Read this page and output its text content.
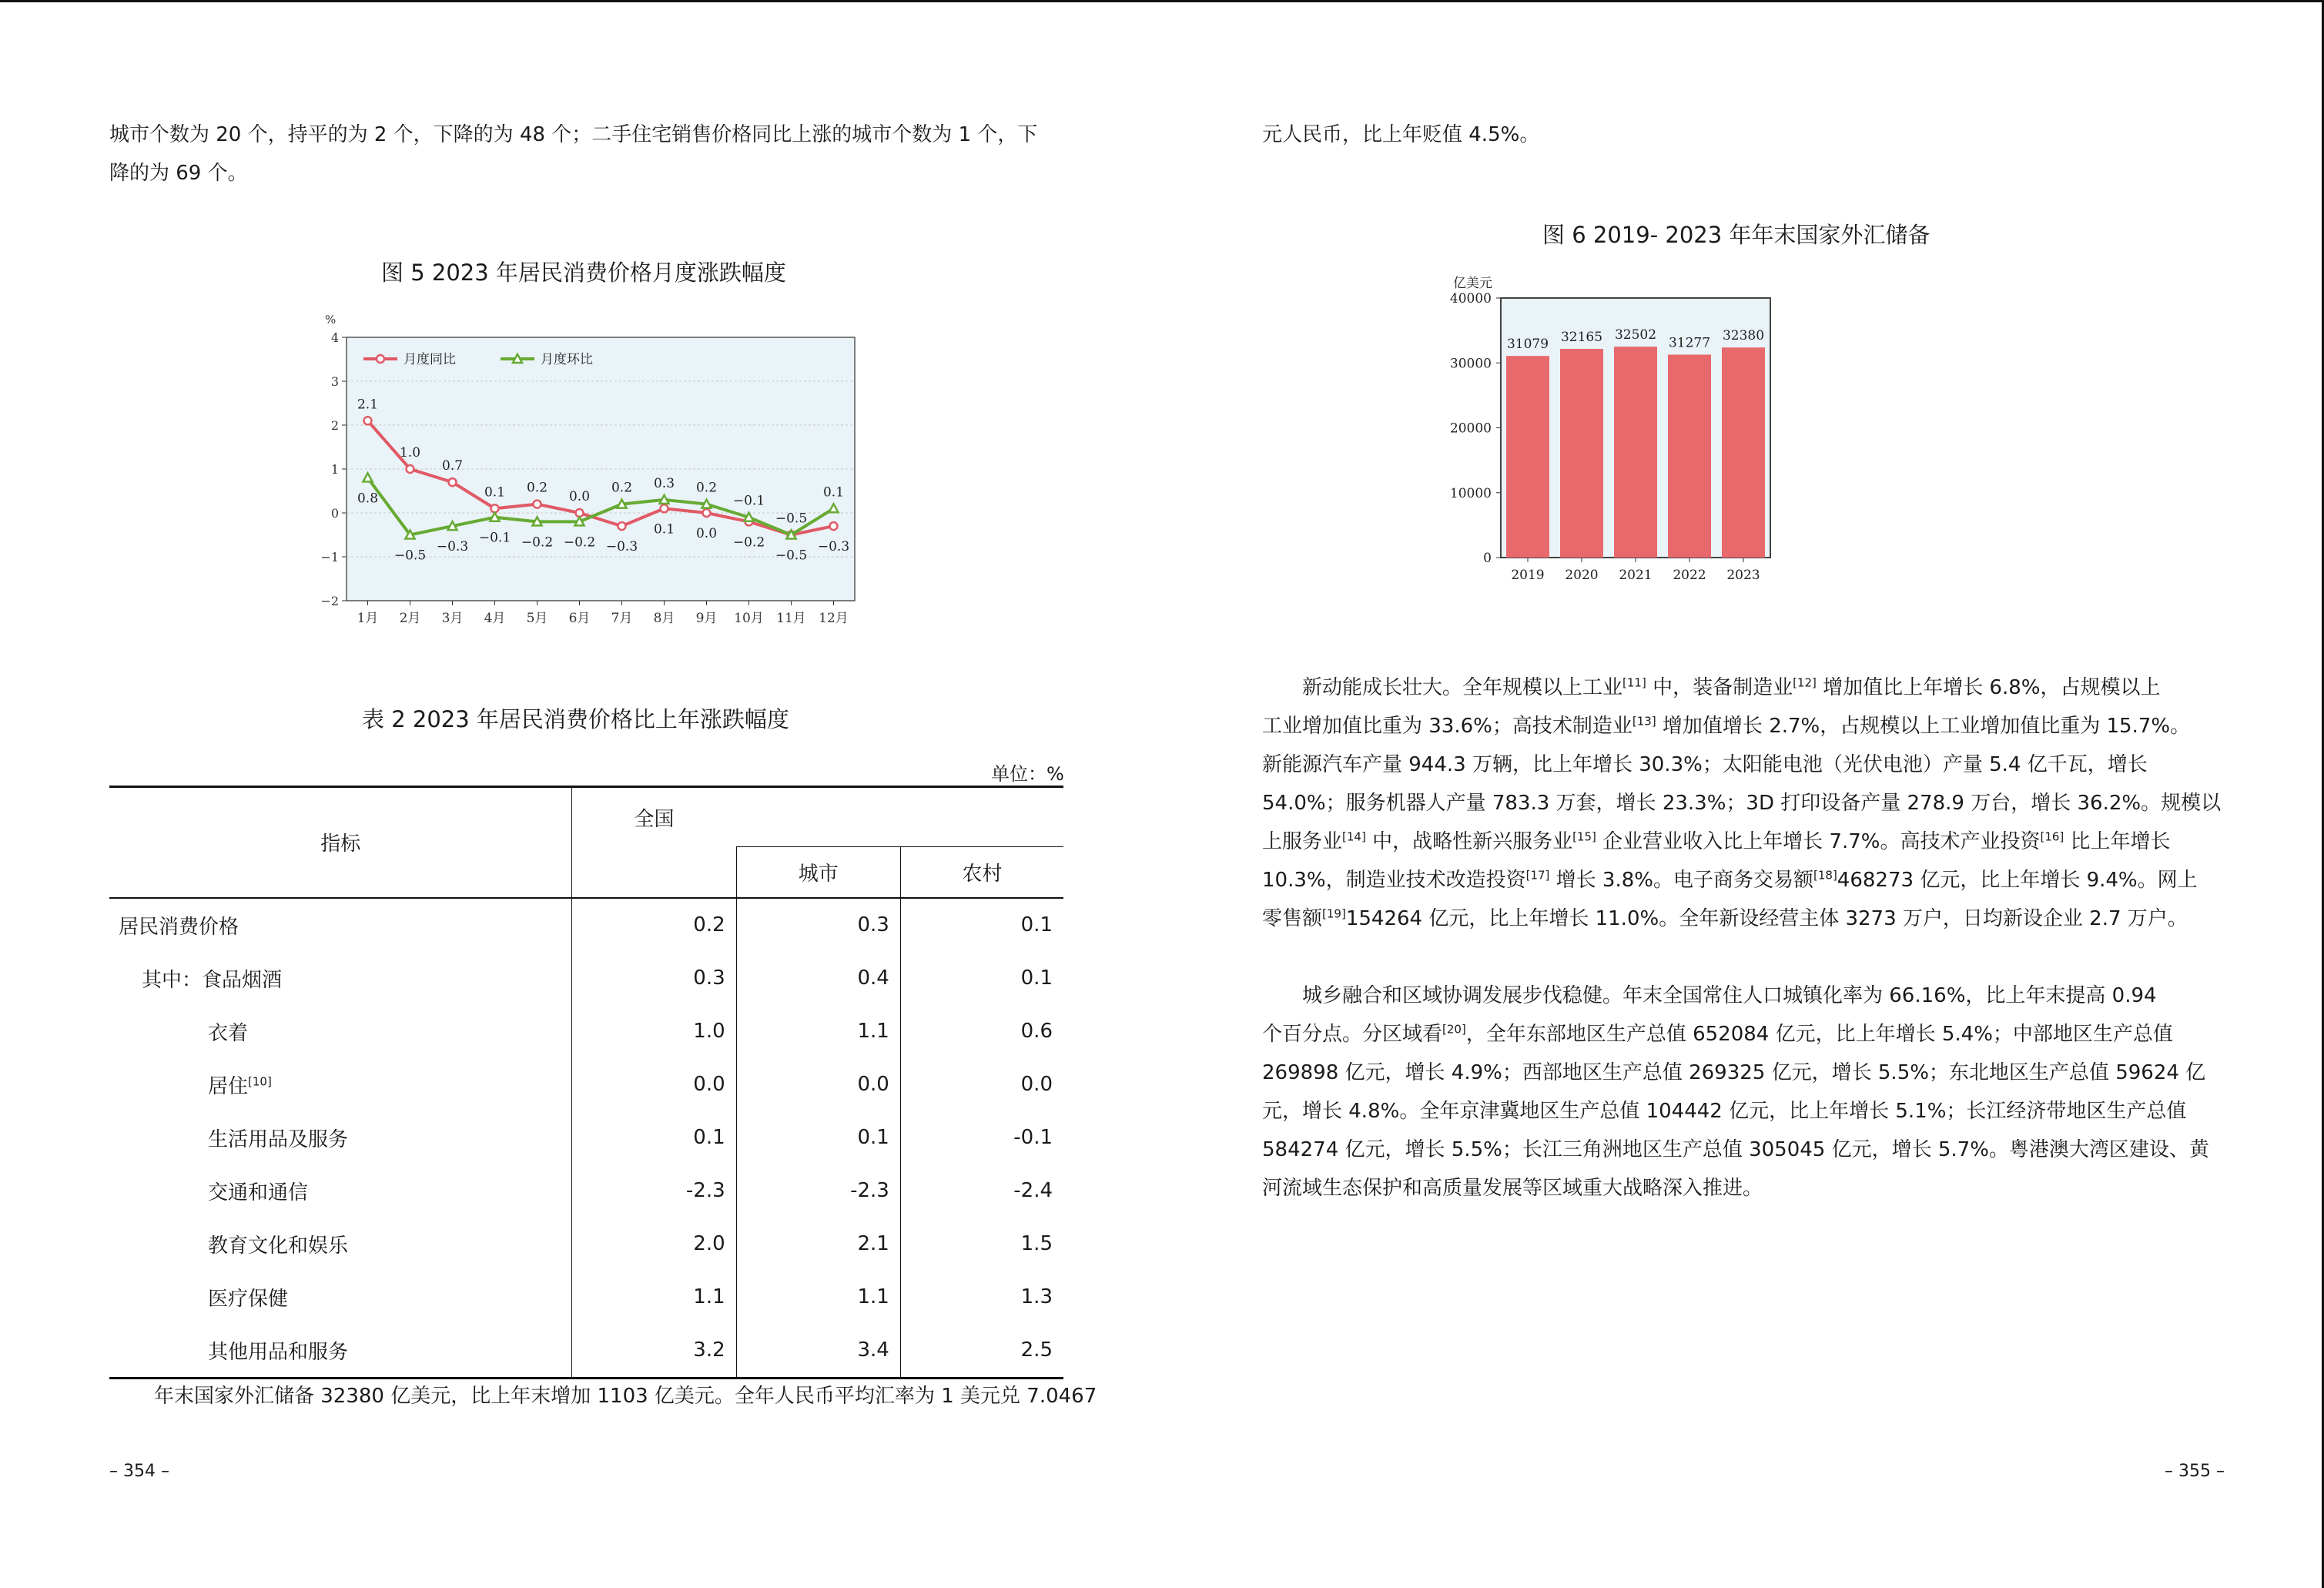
城市个数为 20 个，持平的为 2 个，下降的为 48 个；二手住宅销售价格同比上涨的城市个数为 1 个，下
降的为 69 个。

图 5 2023 年居民消费价格月度涨跌幅度
4
3
2
1
0
−1
−2
%
1月 2月 3月 4月 5月 6月 7月 8月 9月 10月 11月 12月
2.1
0.8
1.0
−0.5
0.7
−0.3
0.1
−0.1
0.2
−0.2
0.0
−0.2 −0.3
0.2
0.1
0.3
0.0
0.2
−0.2
−0.1
−0.5
−0.5
−0.3
0.1
月度同比	月度环比
表 2 2023 年居民消费价格比上年涨跌幅度
单位：%
指标	全国		
		城市	农村
居民消费价格	0.2	0.3	0.1
其中：食品烟酒	0.3	0.4	0.1
衣着	1.0	1.1	0.6
居住[10]	0.0	0.0	0.0
生活用品及服务	0.1	0.1	-0.1
交通和通信	-2.3	-2.3	-2.4
教育文化和娱乐	2.0	2.1	1.5
医疗保健	1.1	1.1	1.3
其他用品和服务	3.2	3.4	2.5

年末国家外汇储备 32380 亿美元，比上年末增加 1103 亿美元。全年人民币平均汇率为 1 美元兑 7.0467

– 354 –

元人民币，比上年贬值 4.5%。

图 6 2019- 2023 年年末国家外汇储备
40000
30000
20000
10000
0
亿美元
31079
2019
32165
2020
32502
2021
31277
2022
32380
2023

新动能成长壮大。全年规模以上工业[11] 中，装备制造业[12] 增加值比上年增长 6.8%，占规模以上
工业增加值比重为 33.6%；高技术制造业[13] 增加值增长 2.7%，占规模以上工业增加值比重为 15.7%。
新能源汽车产量 944.3 万辆，比上年增长 30.3%；太阳能电池（光伏电池）产量 5.4 亿千瓦，增长
54.0%；服务机器人产量 783.3 万套，增长 23.3%；3D 打印设备产量 278.9 万台，增长 36.2%。规模以
上服务业[14] 中，战略性新兴服务业[15] 企业营业收入比上年增长 7.7%。高技术产业投资[16] 比上年增长
10.3%，制造业技术改造投资[17] 增长 3.8%。电子商务交易额[18]468273 亿元，比上年增长 9.4%。网上
零售额[19]154264 亿元，比上年增长 11.0%。全年新设经营主体 3273 万户，日均新设企业 2.7 万户。

城乡融合和区域协调发展步伐稳健。年末全国常住人口城镇化率为 66.16%，比上年末提高 0.94
个百分点。分区域看[20]，全年东部地区生产总值 652084 亿元，比上年增长 5.4%；中部地区生产总值
269898 亿元，增长 4.9%；西部地区生产总值 269325 亿元，增长 5.5%；东北地区生产总值 59624 亿
元，增长 4.8%。全年京津冀地区生产总值 104442 亿元，比上年增长 5.1%；长江经济带地区生产总值
584274 亿元，增长 5.5%；长江三角洲地区生产总值 305045 亿元，增长 5.7%。粤港澳大湾区建设、黄
河流域生态保护和高质量发展等区域重大战略深入推进。

– 355 –
